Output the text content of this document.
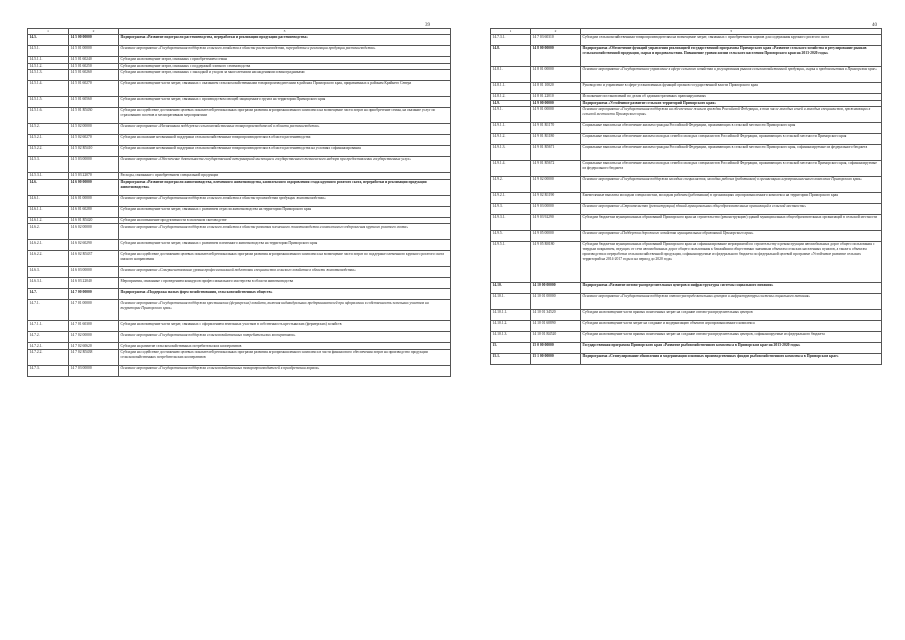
39	40
1	2	3
14.5.	14 5 00 00000	Подпрограмма «Развитие подотрасли растениеводства, переработки и реализации продукции растениеводства»
14.5.1.	14 5 01 00000	Основное мероприятие «Государственная поддержка сельского хозяйства в области растениеводства, переработки и реализации продукции растениеводства»
14.5.1.1.	14 5 01 60240	Субсидии на возмещение затрат, связанных с приобретением семян
14.5.1.2.	14 5 01 60250	Субсидии на возмещение затрат, связанных с поддержкой элитного семеноводства
14.5.1.3.	14 5 01 60260	Субсидии на возмещение затрат, связанных с закладкой и уходом за многолетними насаждениями и виноградниками
14.5.1.4.	14 5 01 60270	Субсидии на возмещение части затрат, связанных с оказанием сельскохозяйственными товаропроизводителями в районах Приморского края, приравненных к районам Крайнего Севера
14.5.1.5.	14 5 01 60560	Субсидии на возмещение части затрат, связанных с производством овощей защищенного грунта на территории Приморского края
14.5.1.6.	14 5 01 R5430	Субсидии на содействие достижению целевых показателей региональных программ развития агропромышленного комплекса на возмещение части затрат на приобретение семян, на оказание услуг по страхованию посевов и мелиоративным мероприятиям
14.5.2.	14 5 02 00000	Основное мероприятие «Несвязанная поддержка сельскохозяйственных товаропроизводителей в области растениеводства»
14.5.2.1.	14 5 02 60270	Субсидии на оказание несвязанной поддержки сельскохозяйственным товаропроизводителям в области растениеводства
14.5.2.2.	14 5 02 R5410	Субсидии на оказание несвязанной поддержки сельскохозяйственным товаропроизводителям в области растениеводства на условиях софинансирования
14.5.3.	14 5 03 00000	Основное мероприятие «Обеспечение деятельности государственной ветеринарной инспекции и государственного технического надзора при предоставлении государственных услуг»
14.5.3.1.	14 5 03 22070	Расходы, связанные с приобретением специальной продукции
14.6.	14 6 00 00000	Подпрограмма «Развитие подотрасли животноводства, племенного животноводства, комплексного оздоровления стада крупного рогатого скота, переработки и реализации продукции животноводства»
14.6.1.	14 6 01 00000	Основное мероприятие «Государственная поддержка сельского хозяйства в области производства продукции животноводства»
14.6.1.1.	14 6 01 60280	Субсидии на возмещение части затрат, связанных с развитием отрасли животноводства на территории Приморского края
14.6.1.2.	14 6 01 R5420	Субсидии на повышение продуктивности в молочном скотоводстве
14.6.2.	14 6 02 00000	Основное мероприятие «Государственная поддержка сельского хозяйства в области развития племенного животноводства и комплексного оздоровления крупного рогатого скота»
14.6.2.1.	14 6 02 60290	Субсидии на возмещение части затрат, связанных с развитием племенного животноводства на территории Приморского края
14.6.2.2.	14 6 02 R5437	Субсидии на содействие достижению целевых показателей региональных программ развития агропромышленного комплекса на возмещение части затрат по поддержке племенного крупного рогатого скота мясного направления
14.6.3.	14 6 03 00000	Основное мероприятие «Совершенствование уровня профессиональной подготовки специалистов сельского хозяйства в области животноводства»
14.6.3.1.	14 6 03 22040	Мероприятия, связанные с проведением конкурсов профессионального мастерства в области животноводства
14.7.	14 7 00 00000	Подпрограмма «Поддержка малых форм хозяйствования, сельскохозяйственных обществ»
14.7.1.	14 7 01 00000	Основное мероприятие «Государственная поддержка крестьянских (фермерских) хозяйств, включая индивидуальных предпринимателей при оформлении в собственность земельных участков на территории Приморского края»
14.7.1.1.	14 7 01 60300	Субсидии на возмещение части затрат, связанных с оформлением земельных участков в собственность крестьянских (фермерских) хозяйств
14.7.2.	14 7 02 00000	Основное мероприятие «Государственная поддержка сельскохозяйственных потребительских кооперативов»
14.7.2.1.	14 7 02 60620	Субсидии на развитие сельскохозяйственных потребительских кооперативов
14.7.2.2.	14 7 02 R5438	Субсидии на содействие достижению целевых показателей региональных программ развития агропромышленного комплекса в части финансового обеспечения затрат на производство продукции сельскохозяйственных потребительских кооперативов
14.7.3.	14 7 03 00000	Основное мероприятие «Государственная поддержка сельскохозяйственных товаропроизводителей в приобретении кормов»
1	2	3
14.7.3.1.	14 7 03 60310	Субсидии сельскохозяйственным товаропроизводителям на возмещение затрат, связанных с приобретением кормов для содержания крупного рогатого скота
14.8.	14 8 00 00000	Подпрограмма «Обеспечение функций управления реализацией государственной программы Приморского края «Развитие сельского хозяйства и регулирование рынков сельскохозяйственной продукции, сырья и продовольствия. Повышение уровня жизни сельского населения Приморского края на 2013-2020 годы»
14.8.1.	14 8 01 00000	Основное мероприятие «Государственное управление в сфере сельского хозяйства и регулирования рынков сельскохозяйственной продукции, сырья и продовольствия в Приморском крае»
14.8.1.1.	14 8 01 10020	Руководство и управление в сфере установленных функций органов государственной власти Приморского края
14.8.1.2.	14 8 01 22010	Исполнение постановлений по делам об административных правонарушениях
14.9.	14 9 00 00000	Подпрограмма «Устойчивое развитие сельских территорий Приморского края»
14.9.1.	14 9 01 00000	Основное мероприятие «Государственная поддержка на обеспечение жильем граждан Российской Федерации, в том числе молодых семей и молодых специалистов, проживающих в сельской местности Приморского края»
14.9.1.1.	14 9 01 R1170	Социальные выплаты на обеспечение жильем граждан Российской Федерации, проживающих в сельской местности Приморского края
14.9.1.2.	14 9 01 R1180	Социальные выплаты на обеспечение жильем молодых семей и молодых специалистов Российской Федерации, проживающих в сельской местности Приморского края
14.9.1.3.	14 9 01 R5671	Социальные выплаты на обеспечение жильем граждан Российской Федерации, проживающих в сельской местности Приморского края, софинансируемые из федерального бюджета
14.9.1.4.	14 9 01 R5672	Социальные выплаты на обеспечение жильем молодых семей и молодых специалистов Российской Федерации, проживающих в сельской местности Приморского края, софинансируемые из федерального бюджета
14.9.2.	14 9 02 00000	Основное мероприятие «Государственная поддержка молодых специалистов, молодых рабочих (работников) в организациях агропромышленного комплекса Приморского края»
14.9.2.1.	14 9 02 R1190	Ежемесячные выплаты молодым специалистам, молодым рабочим (работникам) в организациях агропромышленного комплекса на территории Приморского края
14.9.3.	14 9 03 00000	Основное мероприятие «Строительство (реконструкция) зданий муниципальных общеобразовательных организаций в сельской местности»
14.9.3.1.	14 9 03 92290	Субсидии бюджетам муниципальных образований Приморского края на строительство (реконструкцию) зданий муниципальных общеобразовательных организаций в сельской местности
14.9.5.	14 9 05 00000	Основное мероприятие «Поддержка дорожного хозяйства муниципальных образований Приморского края»
14.9.5.1.	14 9 05 R0180	Субсидии бюджетам муниципальных образований Приморского края на софинансирование мероприятий по строительству и реконструкции автомобильных дорог общего пользования с твердым покрытием, ведущих от сети автомобильных дорог общего пользования к ближайшим общественно значимым объектам сельских населенных пунктов, а также к объектам производства и переработки сельскохозяйственной продукции, софинансируемые из федерального бюджета по федеральной целевой программе «Устойчивое развитие сельских территорий на 2014-2017 годы и на период до 2020 года»
14.10.	14 10 00 00000	Подпрограмма «Развитие оптово-распределительных центров и инфраструктуры системы социального питания»
14.10.1.	14 10 01 00000	Основное мероприятие «Государственная поддержка оптово-распределительных центров и инфраструктуры системы социального питания»
14.10.1.1.	14 10 01 34520	Субсидии на возмещение части прямых понесенных затрат на создание оптово-распределительных центров
14.10.1.2.	14 10 01 60890	Субсидии на возмещение части затрат на создание и модернизацию объектов агропромышленного комплекса
14.10.1.3.	14 10 01 R4520	Субсидии на возмещение части прямых понесенных затрат на создание оптово-распределительных центров, софинансируемые из федерального бюджета
15.	15 0 00 00000	Государственная программа Приморского края «Развитие рыбохозяйственного комплекса в Приморском крае на 2013-2020 годы»
15.1.	15 1 00 00000	Подпрограмма «Стимулирование обновления и модернизации основных производственных фондов рыбохозяйственного комплекса в Приморском крае»
